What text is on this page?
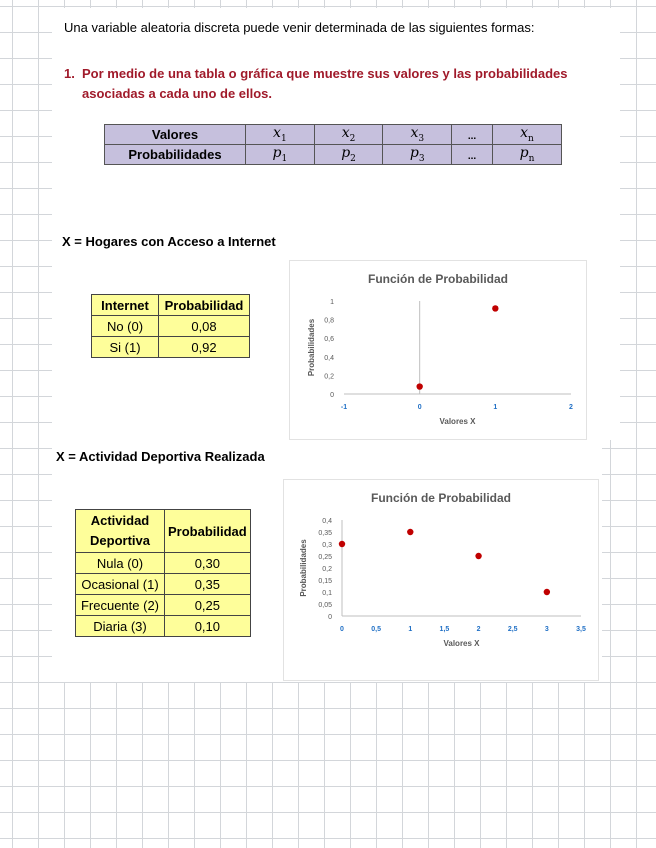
Una variable aleatoria discreta puede venir determinada de las siguientes formas:
1. Por medio de una tabla o gráfica que muestre sus valores y las probabilidades asociadas a cada uno de ellos.
Valores	$x_1$	$x_2$	$x_3$	...	$x_n$
Probabilidades	$p_1$	$p_2$	$p_3$	...	$p_n$
X = Hogares con Acceso a Internet
Internet	Probabilidad
No (0)	0,08
Si (1)	0,92
Función de Probabilidad
0
0,2
0,4
0,6
0,8
1
-1	0	1	2
Valores X
Probabilidades
X = Actividad Deportiva Realizada
Actividad
Deportiva	Probabilidad
Nula (0)	0,30
Ocasional (1)	0,35
Frecuente (2)	0,25
Diaria (3)	0,10
Función de Probabilidad
0
0,05
0,1
0,15
0,2
0,25
0,3
0,35
0,4
0	0,5	1	1,5	2	2,5	3	3,5
Valores X
Probabilidades
